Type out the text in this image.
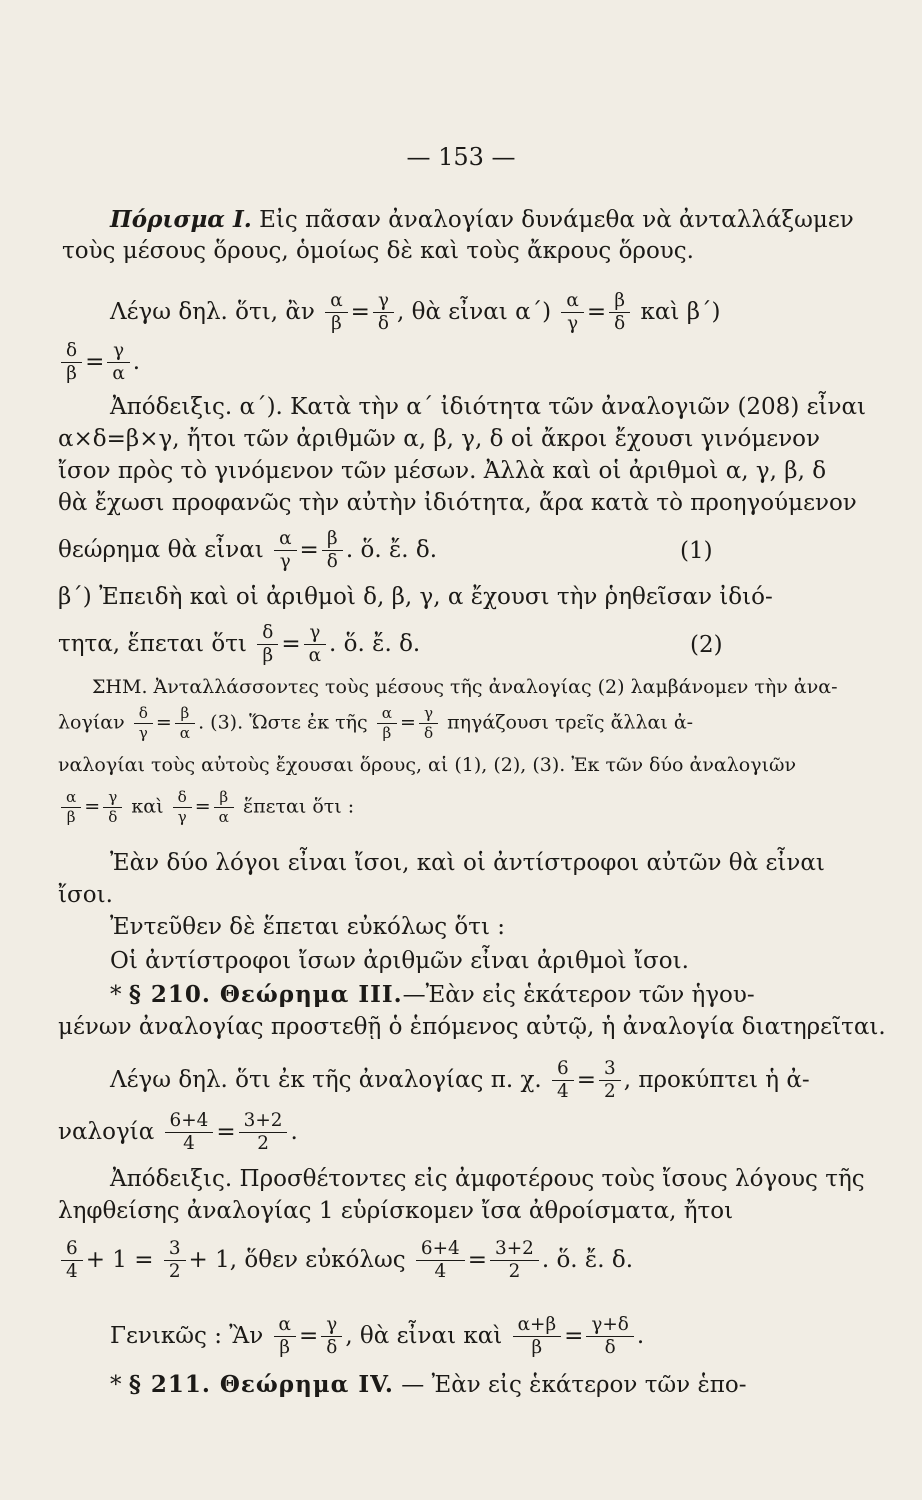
— 153 —
Πόρισμα Ι. Εἰς πᾶσαν ἀναλογίαν δυνάμεθα νὰ ἀνταλλάξωμεν
τοὺς μέσους ὅρους, ὁμοίως δὲ καὶ τοὺς ἄκρους ὅρους.
Λέγω δηλ. ὅτι, ἂν $\frac{\alpha}{\beta} = \frac{\gamma}{\delta}$ , θὰ εἶναι $\alpha΄) \frac{\alpha}{\gamma} = \frac{\beta}{\delta}$ καὶ β΄)
$\frac{\delta}{\beta} = \frac{\gamma}{\alpha}$ .
Ἀπόδειξις. α΄). Κατὰ τὴν α΄ ἰδιότητα τῶν ἀναλογιῶν (208) εἶναι
α×δ=β×γ, ἤτοι τῶν ἀριθμῶν α, β, γ, δ οἱ ἄκροι ἔχουσι γινόμενον
ἴσον πρὸς τὸ γινόμενον τῶν μέσων. Ἀλλὰ καὶ οἱ ἀριθμοὶ α, γ, β, δ
θὰ ἔχωσι προφανῶς τὴν αὐτὴν ἰδιότητα, ἄρα κατὰ τὸ προηγούμενον
θεώρημα θὰ εἶναι $\frac{\alpha}{\gamma} = \frac{\beta}{\delta}$ . ὅ. ἔ. δ.	(1)
β΄) Ἐπειδὴ καὶ οἱ ἀριθμοὶ δ, β, γ, α ἔχουσι τὴν ῥηθεῖσαν ἰδιό-
τητα, ἕπεται ὅτι $\frac{\delta}{\beta} = \frac{\gamma}{\alpha}$ . ὅ. ἔ. δ.	(2)
ΣΗΜ. Ἀνταλλάσσοντες τοὺς μέσους τῆς ἀναλογίας (2) λαμβάνομεν τὴν ἀνα-
λογίαν $\frac{\delta}{\gamma} = \frac{\beta}{\alpha}$ . (3). Ὥστε ἐκ τῆς $\frac{\alpha}{\beta} = \frac{\gamma}{\delta}$ πηγάζουσι τρεῖς ἄλλαι ἀ-
ναλογίαι τοὺς αὐτοὺς ἔχουσαι ὅρους, αἱ (1), (2), (3). Ἐκ τῶν δύο ἀναλογιῶν
$\frac{\alpha}{\beta} = \frac{\gamma}{\delta}$ καὶ $\frac{\delta}{\gamma} = \frac{\beta}{\alpha}$ ἕπεται ὅτι :
Ἐὰν δύο λόγοι εἶναι ἴσοι, καὶ οἱ ἀντίστροφοι αὐτῶν θὰ εἶναι
ἴσοι.
Ἐντεῦθεν δὲ ἕπεται εὐκόλως ὅτι :
Οἱ ἀντίστροφοι ἴσων ἀριθμῶν εἶναι ἀριθμοὶ ἴσοι.
* § 210. Θεώρημα ΙΙΙ.—Ἐὰν εἰς ἑκάτερον τῶν ἡγου-
μένων ἀναλογίας προστεθῇ ὁ ἑπόμενος αὐτῷ, ἡ ἀναλογία διατηρεῖται.
Λέγω δηλ. ὅτι ἐκ τῆς ἀναλογίας π. χ. $\frac{6}{4} = \frac{3}{2}$ , προκύπτει ἡ ἀ-
ναλογία $\frac{6+4}{4} = \frac{3+2}{2}$ .
Ἀπόδειξις. Προσθέτοντες εἰς ἀμφοτέρους τοὺς ἴσους λόγους τῆς
ληφθείσης ἀναλογίας 1 εὑρίσκομεν ἴσα ἀθροίσματα, ἤτοι
$\frac{6}{4} + 1 = \frac{3}{2} + 1$, ὅθεν εὐκόλως $\frac{6+4}{4} = \frac{3+2}{2}$ . ὅ. ἔ. δ.
Γενικῶς : Ἂν $\frac{\alpha}{\beta} = \frac{\gamma}{\delta}$ , θὰ εἶναι καὶ $\frac{\alpha+\beta}{\beta} = \frac{\gamma+\delta}{\delta}$ .
* § 211. Θεώρημα IV. — Ἐὰν εἰς ἑκάτερον τῶν ἑπο-
